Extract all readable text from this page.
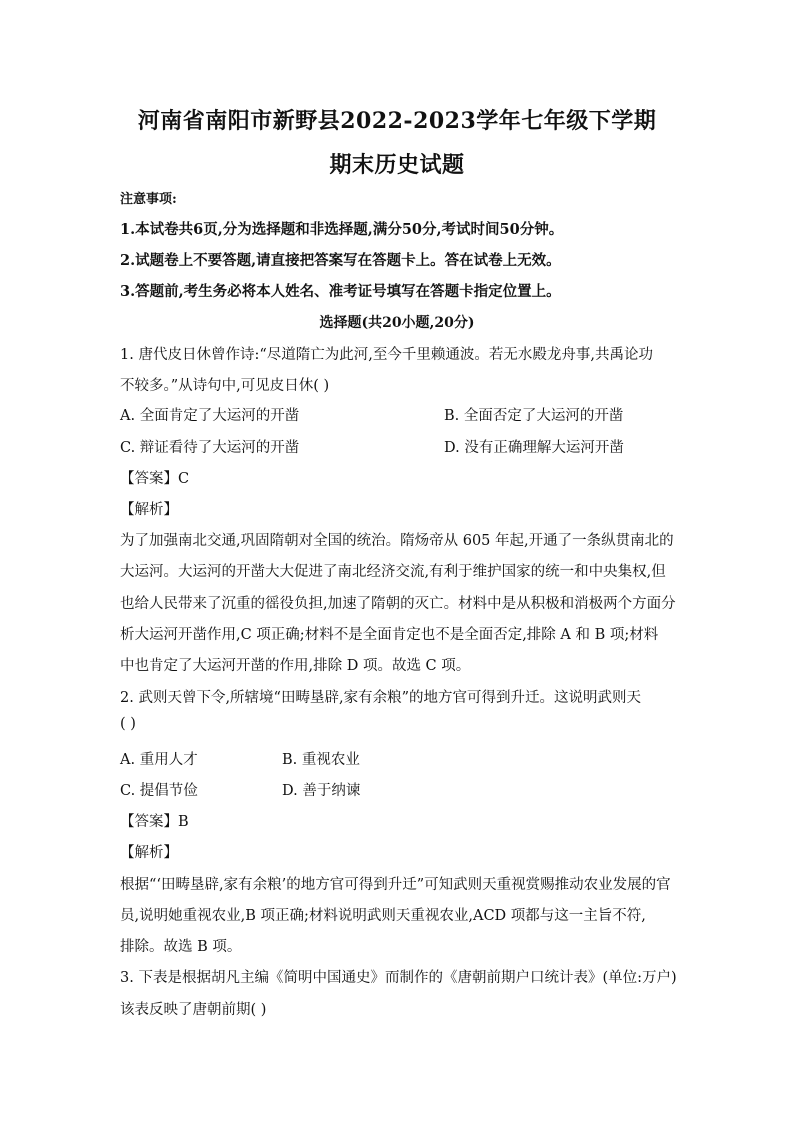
河南省南阳市新野县2022-2023学年七年级下学期
期末历史试题
注意事项:
1.本试卷共6页,分为选择题和非选择题,满分50分,考试时间50分钟。
2.试题卷上不要答题,请直接把答案写在答题卡上。答在试卷上无效。
3.答题前,考生务必将本人姓名、准考证号填写在答题卡指定位置上。
选择题(共20小题,20分)
1. 唐代皮日休曾作诗:“尽道隋亡为此河,至今千里赖通波。若无水殿龙舟事,共禹论功
不较多。”从诗句中,可见皮日休( )
A. 全面肯定了大运河的开凿	B. 全面否定了大运河的开凿
C. 辩证看待了大运河的开凿	D. 没有正确理解大运河开凿
【答案】C
【解析】
为了加强南北交通,巩固隋朝对全国的统治。隋炀帝从 605 年起,开通了一条纵贯南北的
大运河。大运河的开凿大大促进了南北经济交流,有利于维护国家的统一和中央集权,但
也给人民带来了沉重的徭役负担,加速了隋朝的灭亡。材料中是从积极和消极两个方面分
析大运河开凿作用,C 项正确;材料不是全面肯定也不是全面否定,排除 A 和 B 项;材料
中也肯定了大运河开凿的作用,排除 D 项。故选 C 项。
2. 武则天曾下令,所辖境“田畴垦辟,家有余粮”的地方官可得到升迁。这说明武则天
( )
A. 重用人才	B. 重视农业
C. 提倡节俭	D. 善于纳谏
【答案】B
【解析】
根据“‘田畴垦辟,家有余粮’的地方官可得到升迁”可知武则天重视赏赐推动农业发展的官
员,说明她重视农业,B 项正确;材料说明武则天重视农业,ACD 项都与这一主旨不符,
排除。故选 B 项。
3. 下表是根据胡凡主编《简明中国通史》而制作的《唐朝前期户口统计表》(单位:万户)
该表反映了唐朝前期( )
